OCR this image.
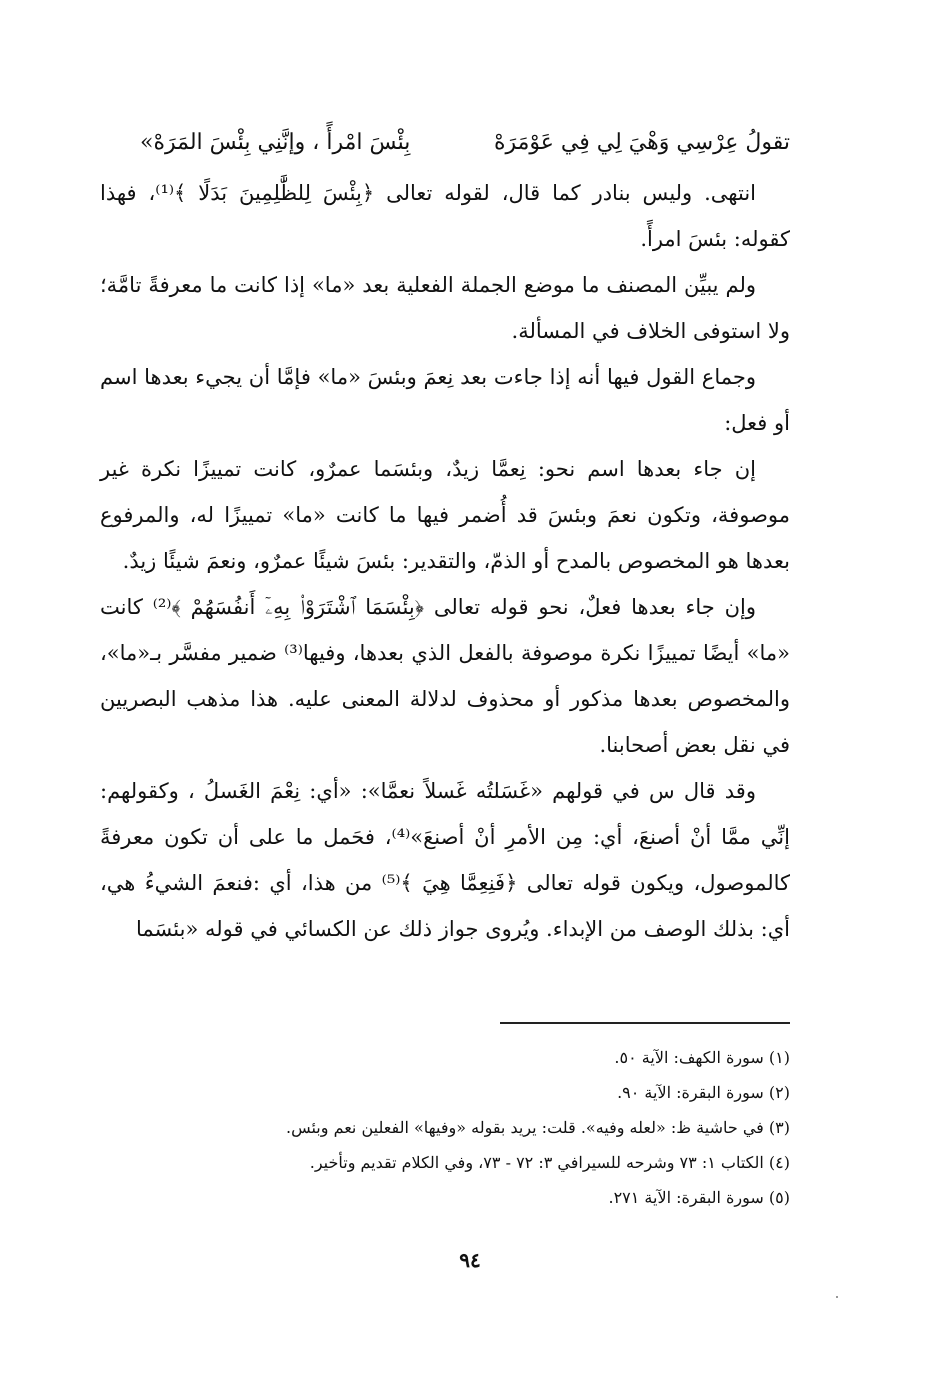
تقولُ عِرْسِي وَهْيَ لِي فِي عَوْمَرَهْ
بِئْسَ امْرأً ، وإنَّنِي بِئْسَ المَرَهْ»

انتهى. وليس بنادر كما قال، لقوله تعالى ﴿بِئْسَ لِلظَّٰلِمِينَ بَدَلًا ﴾⁽¹⁾، فهذا كقوله: بئسَ امرأً.

ولم يبيِّن المصنف ما موضع الجملة الفعلية بعد «ما» إذا كانت ما معرفةً تامَّة؛ ولا استوفى الخلاف في المسألة.

وجماع القول فيها أنه إذا جاءت بعد نِعمَ وبئسَ «ما» فإمَّا أن يجيء بعدها اسم أو فعل:

إن جاء بعدها اسم نحو: نِعمَّا زيدٌ، وبئسَما عمرٌو، كانت تمييزًا نكرة غير موصوفة، وتكون نعمَ وبئسَ قد أُضمر فيها ما كانت «ما» تمييزًا له، والمرفوع بعدها هو المخصوص بالمدح أو الذمّ، والتقدير: بئسَ شيئًا عمرٌو، ونعمَ شيئًا زيدٌ.

وإن جاء بعدها فعلٌ، نحو قوله تعالى ﴿بِئْسَمَا ٱشْتَرَوْا۟ بِهِۦٓ أَنفُسَهُمْ ﴾⁽²⁾ كانت «ما» أيضًا تمييزًا نكرة موصوفة بالفعل الذي بعدها، وفيها⁽³⁾ ضمير مفسَّر بـ«ما»، والمخصوص بعدها مذكور أو محذوف لدلالة المعنى عليه. هذا مذهب البصريين في نقل بعض أصحابنا.

وقد قال س في قولهم «غَسَلتُه غَسلاً نعمَّا»: «أي: نِعْمَ الغَسلُ ، وكقولهم: إنِّي ممَّا أنْ أصنعَ، أي: مِن الأمرِ أنْ أصنعَ»⁽⁴⁾، فحَمل ما على أن تكون معرفةً كالموصول، ويكون قوله تعالى ﴿فَنِعِمَّا هِيَ ﴾⁽⁵⁾ من هذا، أي :فنعمَ الشيءُ هي، أي: بذلك الوصف من الإبداء. ويُروى جواز ذلك عن الكسائي في قوله «بئسَما

(١) سورة الكهف: الآية ٥٠.
(٢) سورة البقرة: الآية ٩٠.
(٣) في حاشية ظ: «لعله وفيه». قلت: يريد بقوله «وفيها» الفعلين نعم وبئس.
(٤) الكتاب ١: ٧٣ وشرحه للسيرافي ٣: ٧٢ - ٧٣، وفي الكلام تقديم وتأخير.
(٥) سورة البقرة: الآية ٢٧١.
٩٤
